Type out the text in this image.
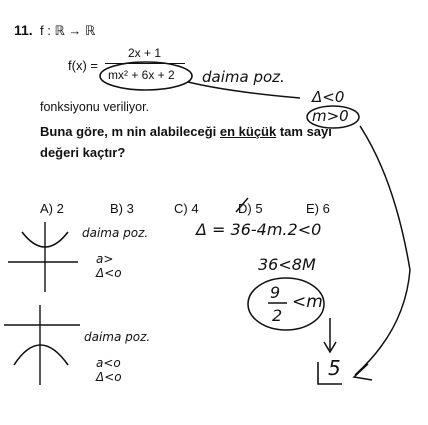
11. f : ℝ → ℝ
f(x) =
2x + 1
mx² + 6x + 2
fonksiyonu veriliyor.
Buna göre, m nin alabileceği en küçük tam sayı
değeri kaçtır?
A) 2	B) 3	C) 4	D) 5	E) 6
daima poz.
Δ<0
m>0
Δ = 36-4m.2<0
36<8M
9
2
<m
5
daima poz.
a>
Δ<o
daima poz.
a<o
Δ<o
